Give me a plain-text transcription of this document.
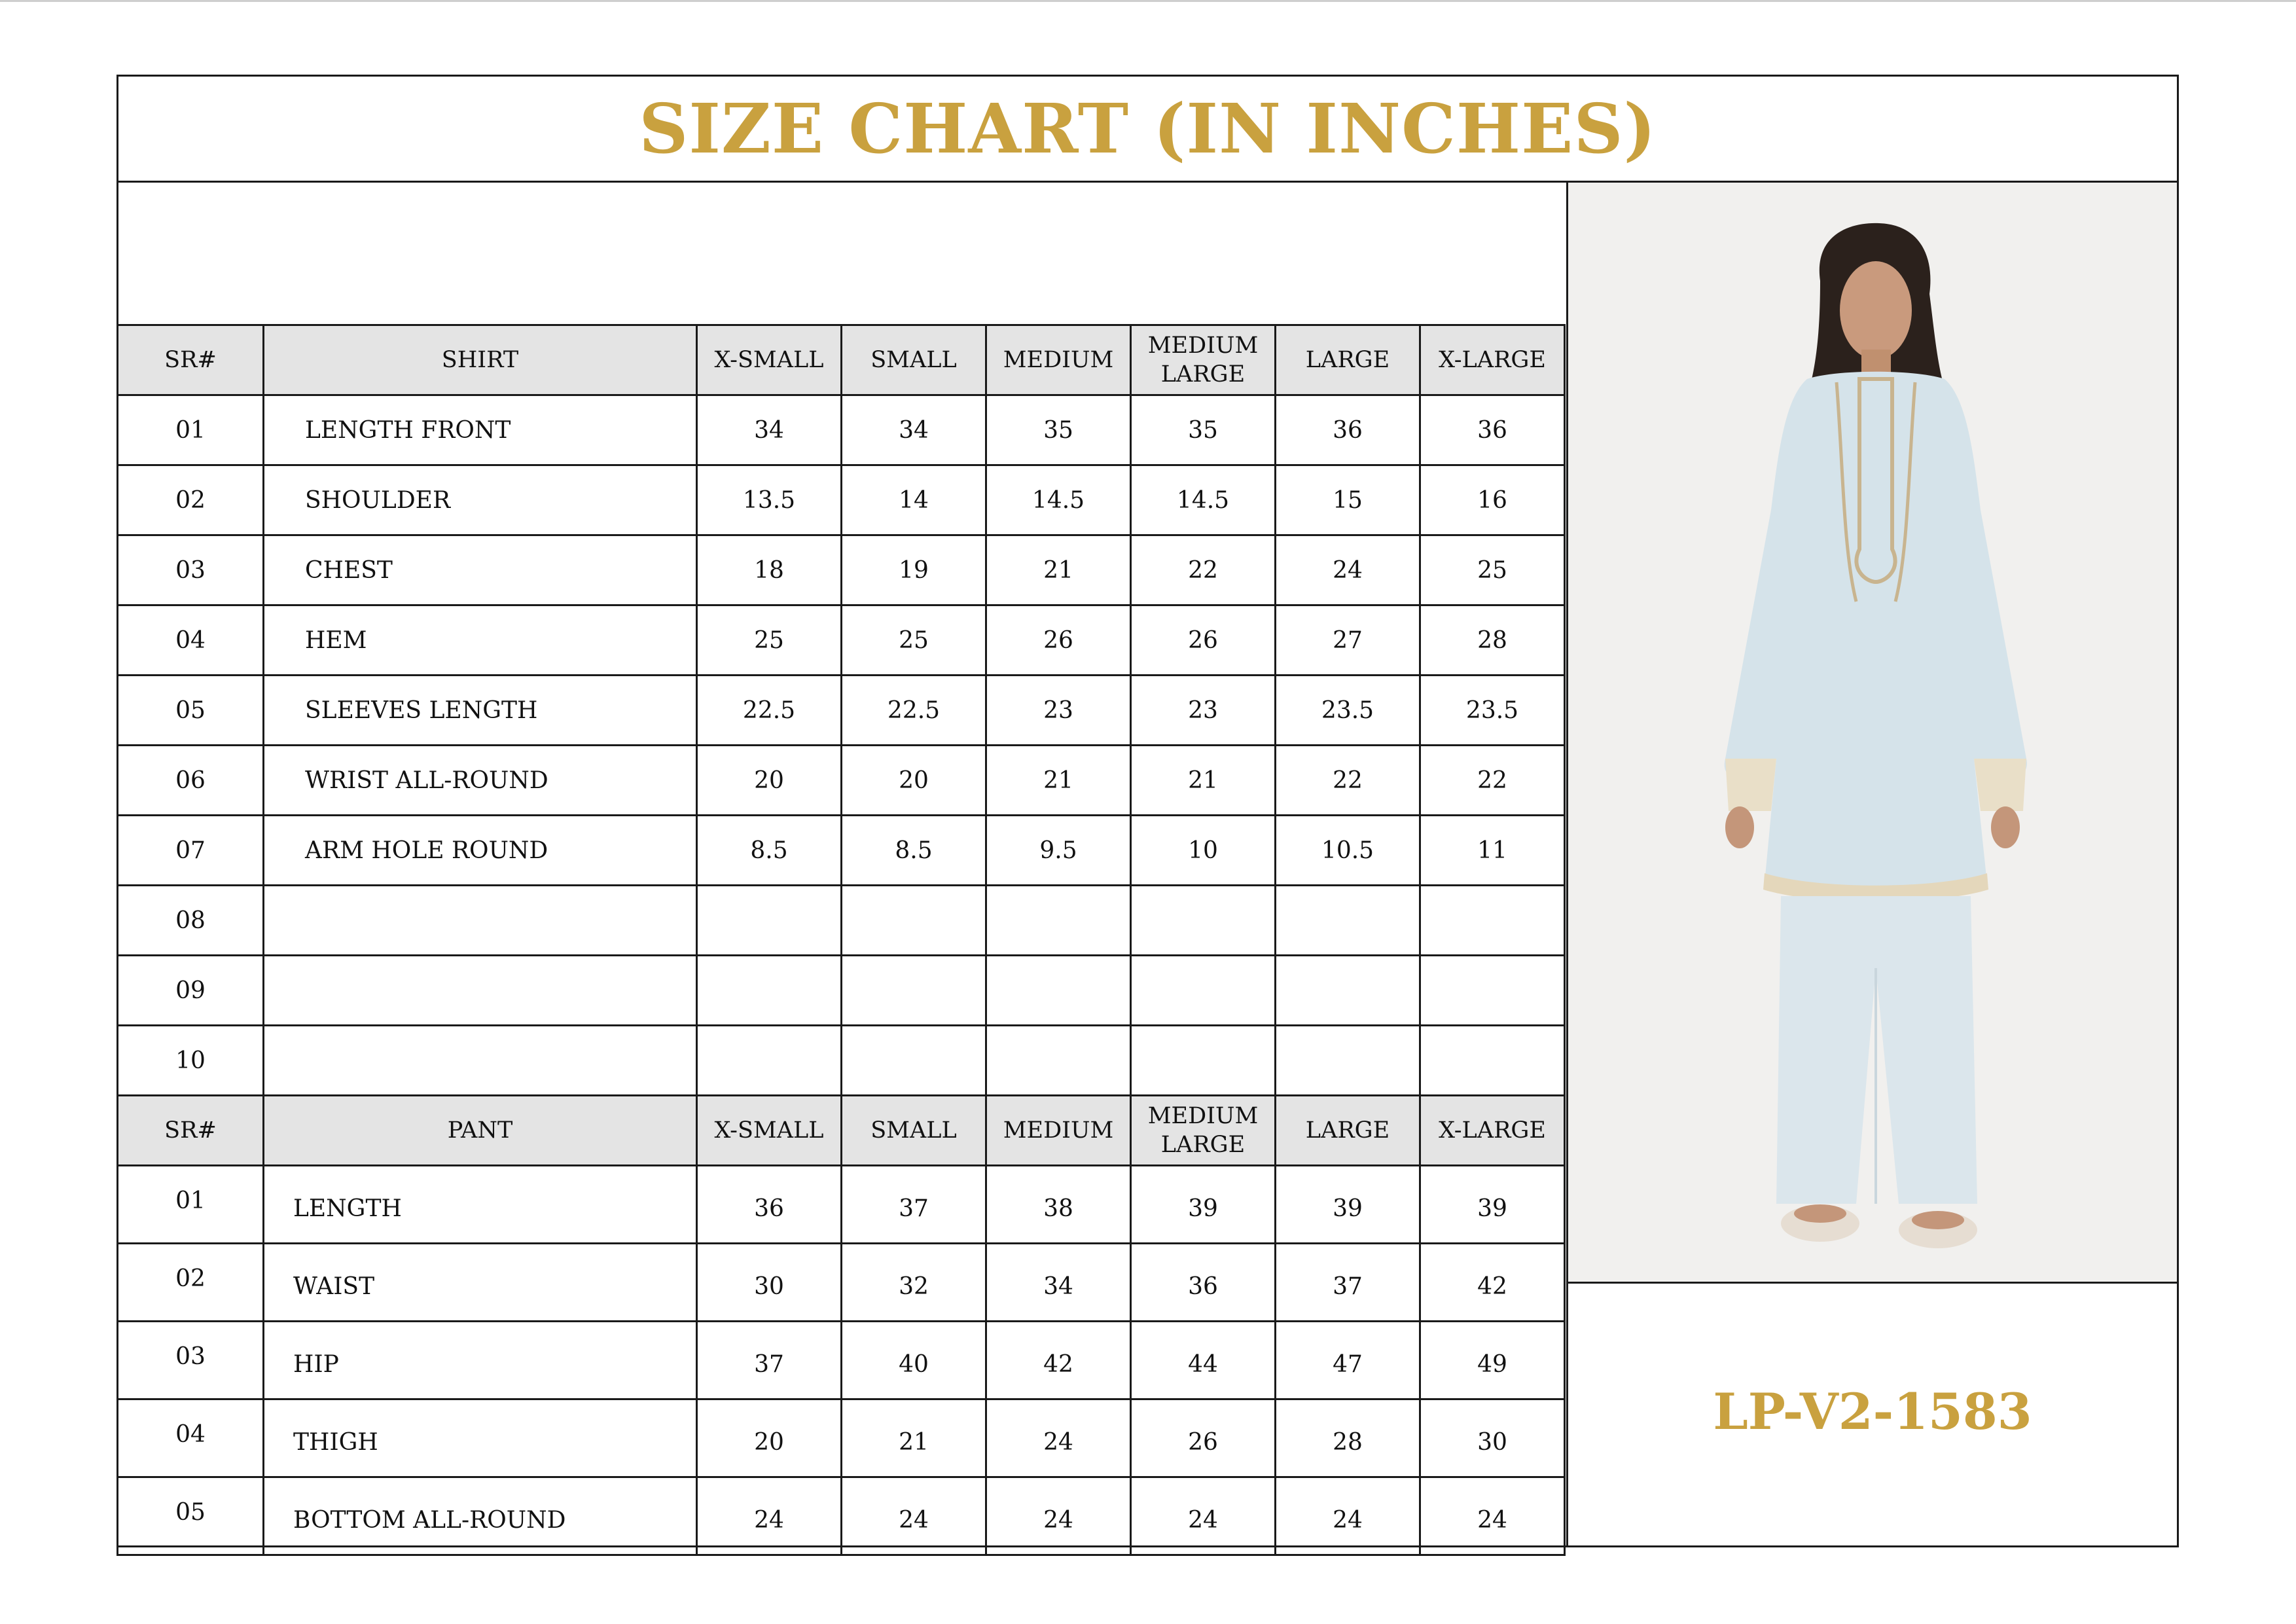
SIZE CHART (IN INCHES)
SR#	SHIRT	X-SMALL	SMALL	MEDIUM	MEDIUM LARGE	LARGE	X-LARGE
01	LENGTH FRONT	34	34	35	35	36	36
02	SHOULDER	13.5	14	14.5	14.5	15	16
03	CHEST	18	19	21	22	24	25
04	HEM	25	25	26	26	27	28
05	SLEEVES LENGTH	22.5	22.5	23	23	23.5	23.5
06	WRIST ALL-ROUND	20	20	21	21	22	22
07	ARM HOLE ROUND	8.5	8.5	9.5	10	10.5	11
08							
09							
10							
SR#	PANT	X-SMALL	SMALL	MEDIUM	MEDIUM LARGE	LARGE	X-LARGE
01	LENGTH	36	37	38	39	39	39
02	WAIST	30	32	34	36	37	42
03	HIP	37	40	42	44	47	49
04	THIGH	20	21	24	26	28	30
05	BOTTOM ALL-ROUND	24	24	24	24	24	24
LP-V2-1583
